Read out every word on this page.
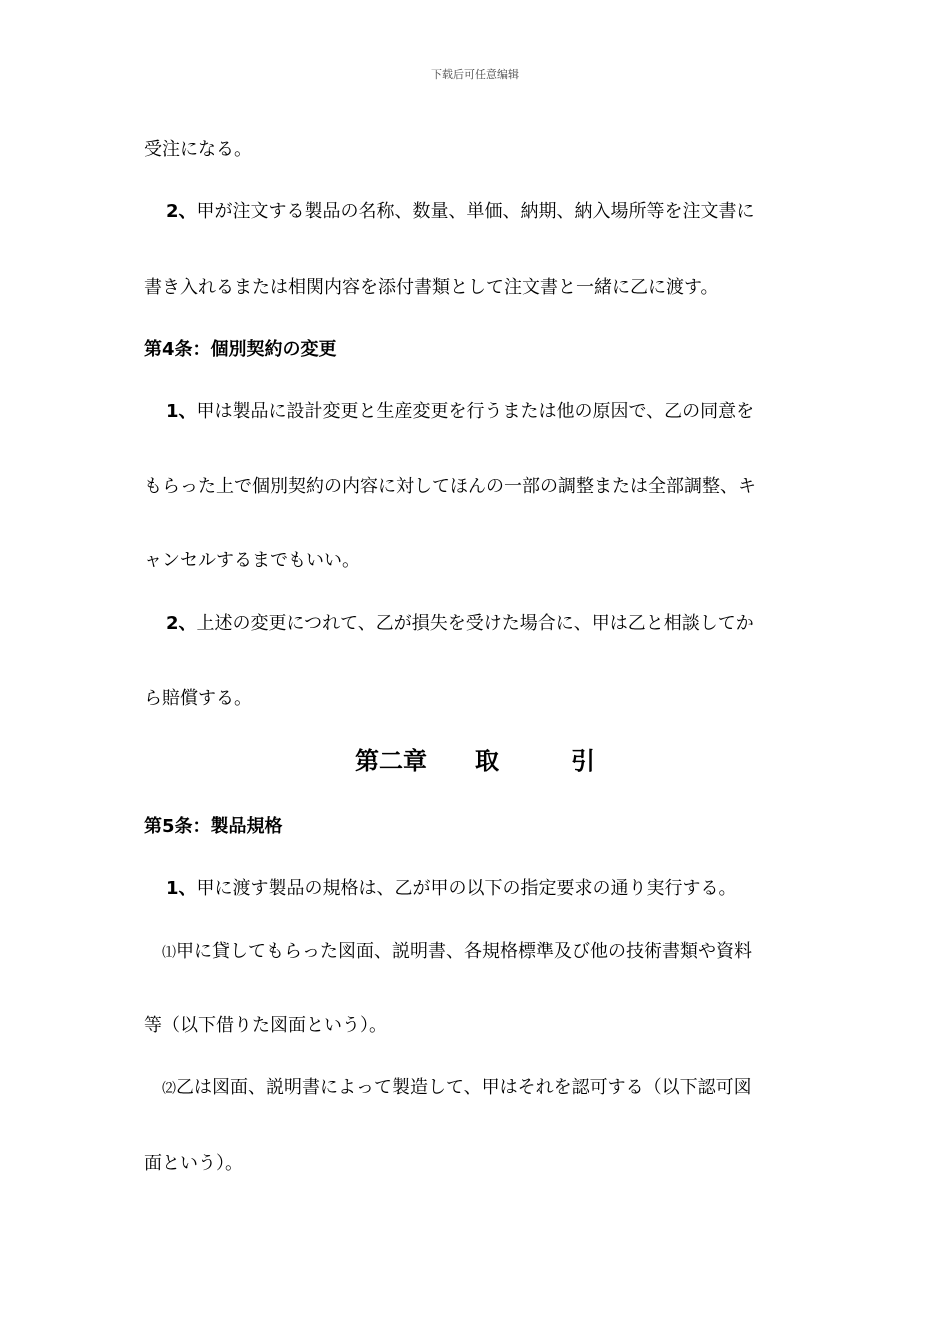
下载后可任意编辑
受注になる。
2、甲が注文する製品の名称、数量、単価、納期、納入場所等を注文書に
書き入れるまたは相関内容を添付書類として注文書と一緒に乙に渡す。
第4条：個別契約の変更
1、甲は製品に設計変更と生産変更を行うまたは他の原因で、乙の同意を
もらった上で個別契約の内容に対してほんの一部の調整または全部調整、キ
ャンセルするまでもいい。
2、上述の変更につれて、乙が損失を受けた場合に、甲は乙と相談してか
ら賠償する。
第二章　　取　　　引
第5条：製品規格
1、甲に渡す製品の規格は、乙が甲の以下の指定要求の通り実行する。
⑴甲に貸してもらった図面、説明書、各規格標準及び他の技術書類や資料
等（以下借りた図面という）。
⑵乙は図面、説明書によって製造して、甲はそれを認可する（以下認可図
面という）。
